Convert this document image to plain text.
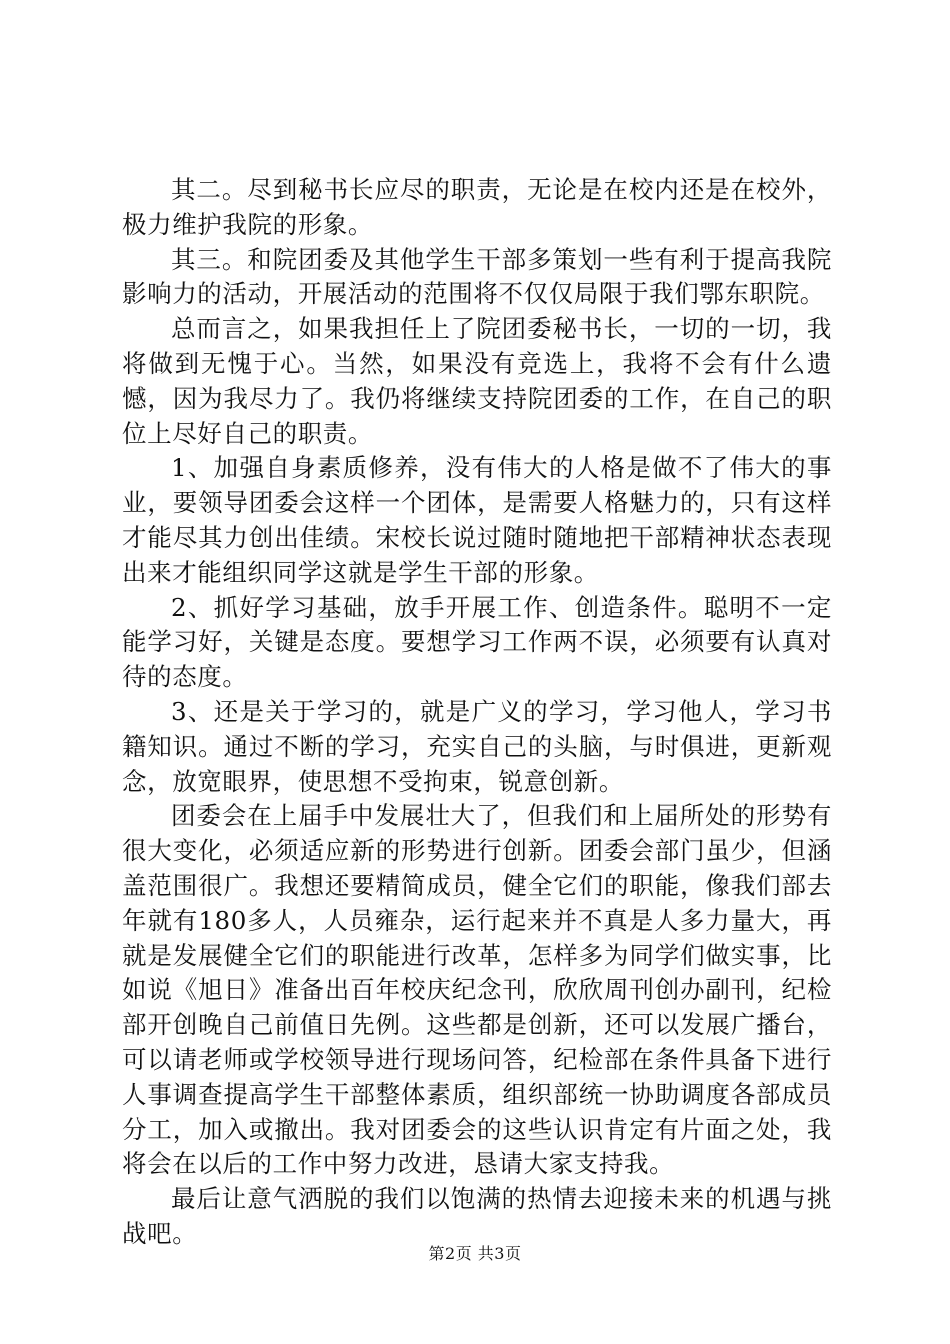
其二。尽到秘书长应尽的职责，无论是在校内还是在校外，极力维护我院的形象。

其三。和院团委及其他学生干部多策划一些有利于提高我院影响力的活动，开展活动的范围将不仅仅局限于我们鄂东职院。

总而言之，如果我担任上了院团委秘书长，一切的一切，我将做到无愧于心。当然，如果没有竞选上，我将不会有什么遗憾，因为我尽力了。我仍将继续支持院团委的工作，在自己的职位上尽好自己的职责。

1、加强自身素质修养，没有伟大的人格是做不了伟大的事业，要领导团委会这样一个团体，是需要人格魅力的，只有这样才能尽其力创出佳绩。宋校长说过随时随地把干部精神状态表现出来才能组织同学这就是学生干部的形象。

2、抓好学习基础，放手开展工作、创造条件。聪明不一定能学习好，关键是态度。要想学习工作两不误，必须要有认真对待的态度。

3、还是关于学习的，就是广义的学习，学习他人，学习书籍知识。通过不断的学习，充实自己的头脑，与时俱进，更新观念，放宽眼界，使思想不受拘束，锐意创新。

团委会在上届手中发展壮大了，但我们和上届所处的形势有很大变化，必须适应新的形势进行创新。团委会部门虽少，但涵盖范围很广。我想还要精简成员，健全它们的职能，像我们部去年就有180多人，人员雍杂，运行起来并不真是人多力量大，再就是发展健全它们的职能进行改革，怎样多为同学们做实事，比如说《旭日》准备出百年校庆纪念刊，欣欣周刊创办副刊，纪检部开创晚自己前值日先例。这些都是创新，还可以发展广播台，可以请老师或学校领导进行现场问答，纪检部在条件具备下进行人事调查提高学生干部整体素质，组织部统一协助调度各部成员分工，加入或撤出。我对团委会的这些认识肯定有片面之处，我将会在以后的工作中努力改进，恳请大家支持我。

最后让意气洒脱的我们以饱满的热情去迎接未来的机遇与挑战吧。

第2页 共3页
